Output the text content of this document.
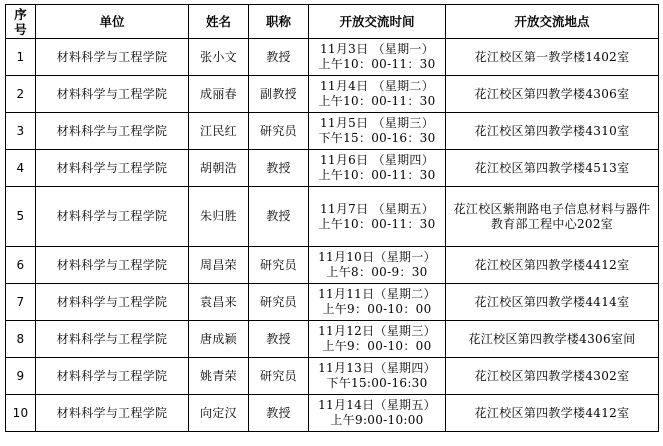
序
号	单位	姓名	职称	开放交流时间	开放交流地点
1	材料科学与工程学院	张小文	教授	11月3日 （星期一）
上午10：00-11：30	花江校区第一教学楼1402室
2	材料科学与工程学院	成丽春	副教授	11月4日 （星期二）
上午10：00-11：30	花江校区第四教学楼4306室
3	材料科学与工程学院	江民红	研究员	11月5日 （星期三）
下午15：00-16：30	花江校区第四教学楼4310室
4	材料科学与工程学院	胡朝浩	教授	11月6日 （星期四）
上午10：00-11：30	花江校区第四教学楼4513室
5	材料科学与工程学院	朱归胜	教授	11月7日 （星期五）
上午10：00-11：30	花江校区紫荆路电子信息材料与器件教育部工程中心202室
6	材料科学与工程学院	周昌荣	研究员	11月10日（星期一）
上午8：00-9：30	花江校区第四教学楼4412室
7	材料科学与工程学院	袁昌来	研究员	11月11日（星期二）
上午9：00-10：00	花江校区第四教学楼4414室
8	材料科学与工程学院	唐成颖	教授	11月12日（星期三）
上午9：00-10：00	花江校区第四教学楼4306室间
9	材料科学与工程学院	姚青荣	研究员	11月13日（星期四）
下午15:00-16:30	花江校区第四教学楼4302室
10	材料科学与工程学院	向定汉	教授	11月14日（星期五）
上午9:00-10:00	花江校区第四教学楼4412室
